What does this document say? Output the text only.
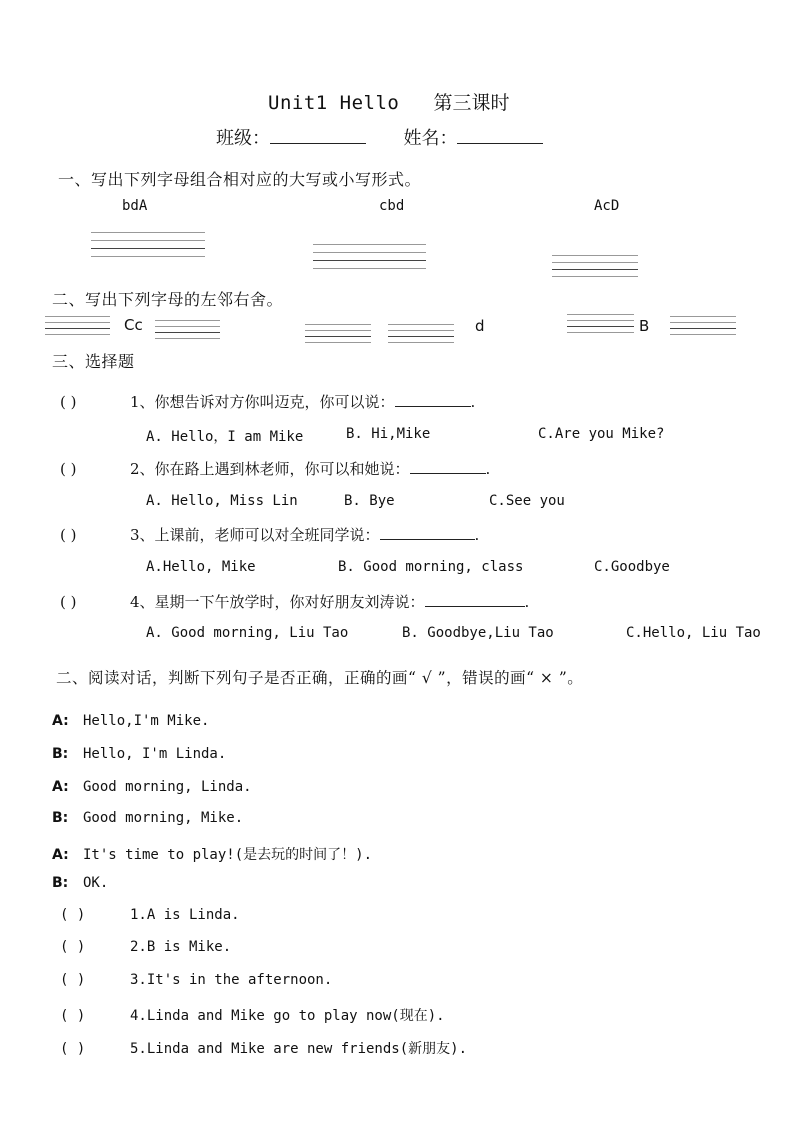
Unit1 Hello 第三课时
班级：	姓名：
一、写出下列字母组合相对应的大写或小写形式。
bdA	cbd	AcD
二、写出下列字母的左邻右舍。
Cc	d	B
三、选择题
( )	1、你想告诉对方你叫迈克，你可以说：	.
A. Hello，I am Mike	B. Hi,Mike	C.Are you Mike?
( )	2、你在路上遇到林老师，你可以和她说：	.
A. Hello, Miss Lin	B. Bye	C.See you
( )	3、上课前，老师可以对全班同学说：	.
A.Hello, Mike	B. Good morning, class	C.Goodbye
( )	4、星期一下午放学时，你对好朋友刘涛说：	.
A. Good morning, Liu Tao	B. Goodbye,Liu Tao	C.Hello, Liu Tao
二、阅读对话，判断下列句子是否正确，正确的画“ √ ”，错误的画“ × ”。
A: Hello,I'm Mike.
B: Hello, I'm Linda.
A: Good morning, Linda.
B: Good morning, Mike.
A: It's time to play!(是去玩的时间了！).
B: OK.
( )	1.A is Linda.
( )	2.B is Mike.
( )	3.It's in the afternoon.
( )	4.Linda and Mike go to play now(现在).
( )	5.Linda and Mike are new friends(新朋友).
